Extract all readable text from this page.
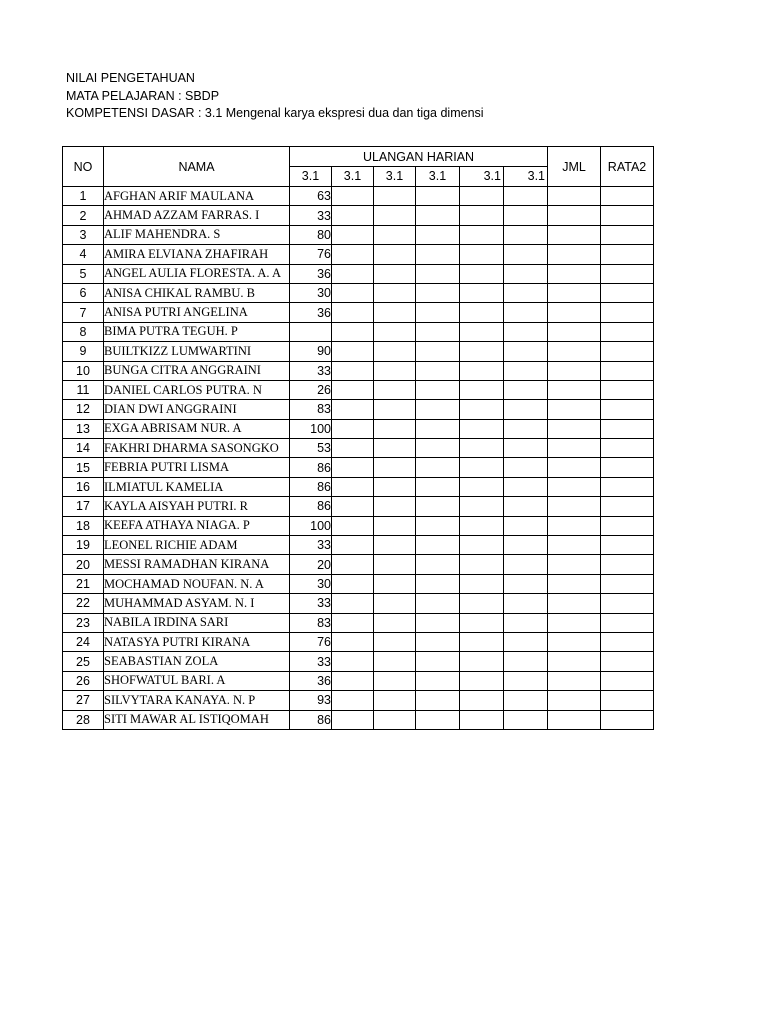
NILAI PENGETAHUAN
MATA PELAJARAN : SBDP
KOMPETENSI DASAR : 3.1 Mengenal karya ekspresi dua dan tiga dimensi
NO	NAMA	ULANGAN HARIAN						JML	RATA2
		3.1	3.1	3.1	3.1	3.1	3.1		
1	AFGHAN ARIF MAULANA	63							
2	AHMAD AZZAM FARRAS. I	33							
3	ALIF MAHENDRA. S	80							
4	AMIRA ELVIANA ZHAFIRAH	76							
5	ANGEL AULIA FLORESTA. A. A	36							
6	ANISA CHIKAL RAMBU. B	30							
7	ANISA PUTRI ANGELINA	36							
8	BIMA PUTRA TEGUH. P								
9	BUILTKIZZ LUMWARTINI	90							
10	BUNGA CITRA ANGGRAINI	33							
11	DANIEL CARLOS PUTRA. N	26							
12	DIAN DWI ANGGRAINI	83							
13	EXGA ABRISAM NUR. A	100							
14	FAKHRI DHARMA SASONGKO	53							
15	FEBRIA PUTRI LISMA	86							
16	ILMIATUL KAMELIA	86							
17	KAYLA AISYAH PUTRI. R	86							
18	KEEFA ATHAYA NIAGA. P	100							
19	LEONEL RICHIE ADAM	33							
20	MESSI RAMADHAN KIRANA	20							
21	MOCHAMAD NOUFAN. N. A	30							
22	MUHAMMAD ASYAM. N. I	33							
23	NABILA IRDINA SARI	83							
24	NATASYA PUTRI KIRANA	76							
25	SEABASTIAN ZOLA	33							
26	SHOFWATUL BARI. A	36							
27	SILVYTARA KANAYA. N. P	93							
28	SITI MAWAR AL ISTIQOMAH	86							
